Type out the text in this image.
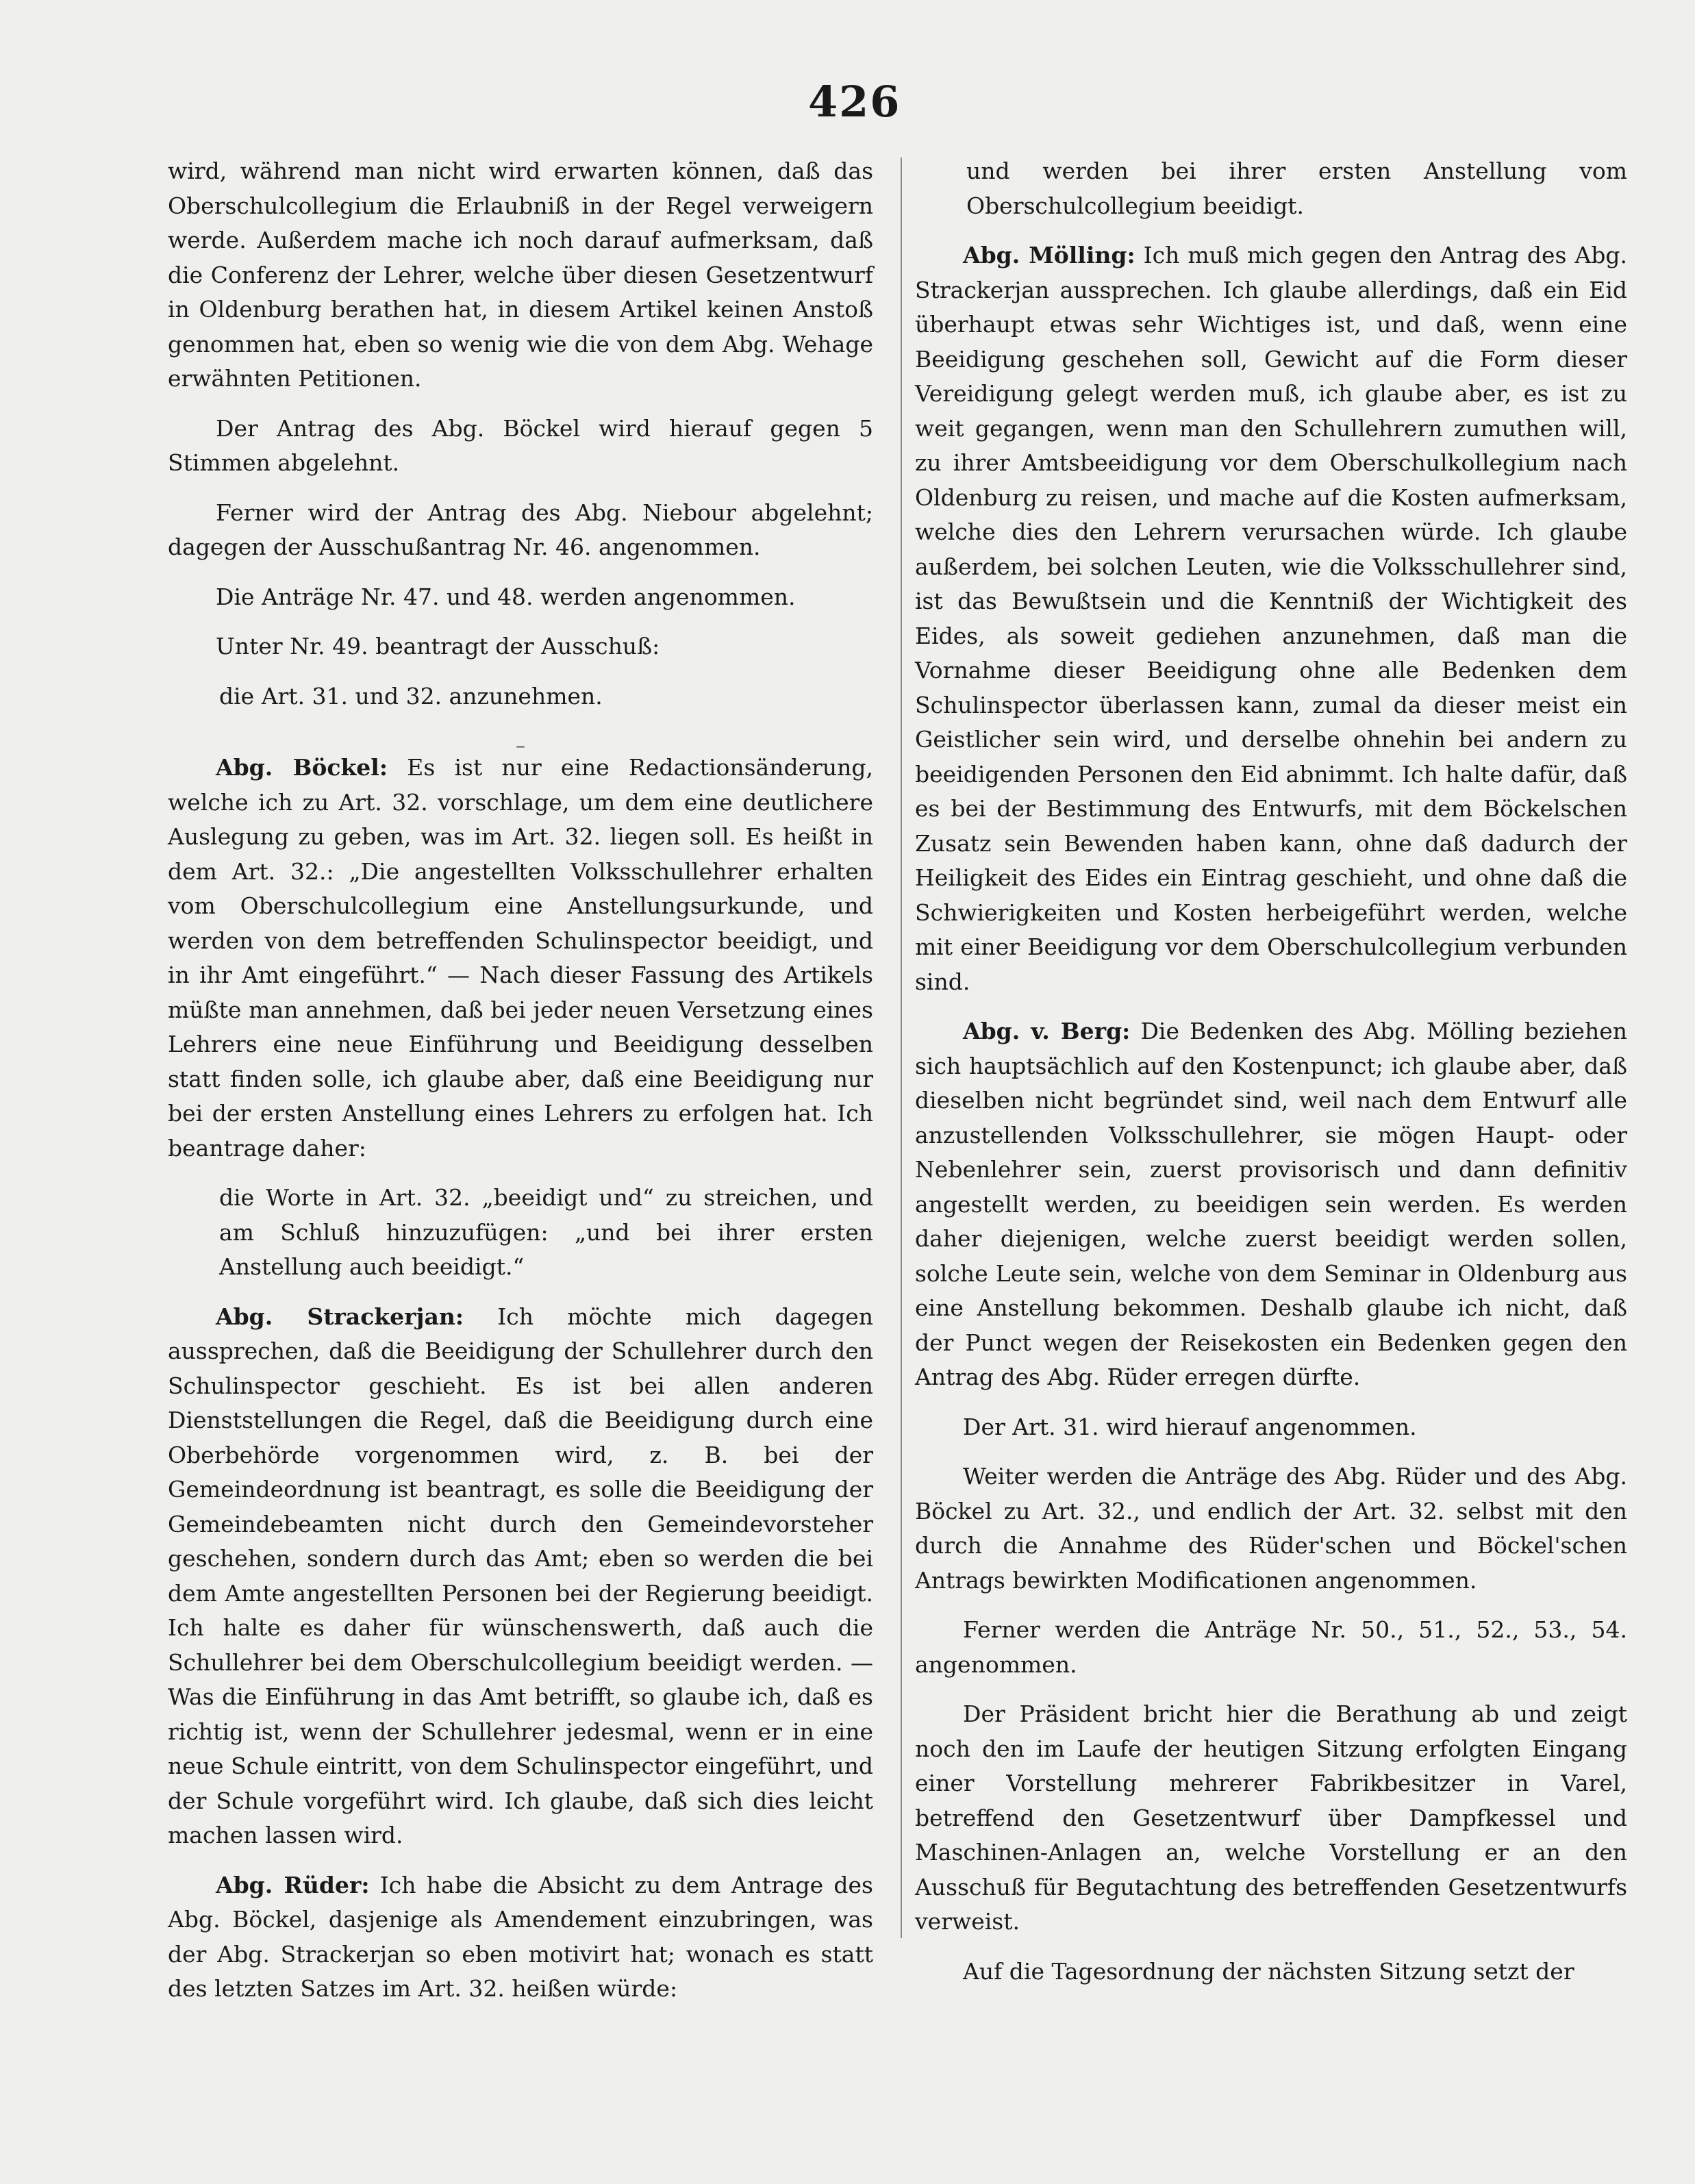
426

wird, während man nicht wird erwarten können, daß das Oberschulcollegium die Erlaubniß in der Regel verweigern werde. Außerdem mache ich noch darauf aufmerksam, daß die Conferenz der Lehrer, welche über diesen Gesetzentwurf in Oldenburg berathen hat, in diesem Artikel keinen Anstoß genommen hat, eben so wenig wie die von dem Abg. Wehage erwähnten Petitionen.

Der Antrag des Abg. Böckel wird hierauf gegen 5 Stimmen abgelehnt.

Ferner wird der Antrag des Abg. Niebour abgelehnt; dagegen der Ausschußantrag Nr. 46. angenommen.

Die Anträge Nr. 47. und 48. werden angenommen.

Unter Nr. 49. beantragt der Ausschuß:

die Art. 31. und 32. anzunehmen.

–

Abg. Böckel: Es ist nur eine Redactionsänderung, welche ich zu Art. 32. vorschlage, um dem eine deutlichere Auslegung zu geben, was im Art. 32. liegen soll. Es heißt in dem Art. 32.: „Die angestellten Volksschullehrer erhalten vom Oberschulcollegium eine Anstellungsurkunde, und werden von dem betreffenden Schulinspector beeidigt, und in ihr Amt eingeführt.“ — Nach dieser Fassung des Artikels müßte man annehmen, daß bei jeder neuen Versetzung eines Lehrers eine neue Einführung und Beeidigung desselben statt finden solle, ich glaube aber, daß eine Beeidigung nur bei der ersten Anstellung eines Lehrers zu erfolgen hat. Ich beantrage daher:

die Worte in Art. 32. „beeidigt und“ zu streichen, und am Schluß hinzuzufügen: „und bei ihrer ersten Anstellung auch beeidigt.“

Abg. Strackerjan: Ich möchte mich dagegen aussprechen, daß die Beeidigung der Schullehrer durch den Schulinspector geschieht. Es ist bei allen anderen Dienststellungen die Regel, daß die Beeidigung durch eine Oberbehörde vorgenommen wird, z. B. bei der Gemeindeordnung ist beantragt, es solle die Beeidigung der Gemeindebeamten nicht durch den Gemeindevorsteher geschehen, sondern durch das Amt; eben so werden die bei dem Amte angestellten Personen bei der Regierung beeidigt. Ich halte es daher für wünschenswerth, daß auch die Schullehrer bei dem Oberschulcollegium beeidigt werden. — Was die Einführung in das Amt betrifft, so glaube ich, daß es richtig ist, wenn der Schullehrer jedesmal, wenn er in eine neue Schule eintritt, von dem Schulinspector eingeführt, und der Schule vorgeführt wird. Ich glaube, daß sich dies leicht machen lassen wird.

Abg. Rüder: Ich habe die Absicht zu dem Antrage des Abg. Böckel, dasjenige als Amendement einzubringen, was der Abg. Strackerjan so eben motivirt hat; wonach es statt des letzten Satzes im Art. 32. heißen würde:

und werden bei ihrer ersten Anstellung vom Oberschulcollegium beeidigt.

Abg. Mölling: Ich muß mich gegen den Antrag des Abg. Strackerjan aussprechen. Ich glaube allerdings, daß ein Eid überhaupt etwas sehr Wichtiges ist, und daß, wenn eine Beeidigung geschehen soll, Gewicht auf die Form dieser Vereidigung gelegt werden muß, ich glaube aber, es ist zu weit gegangen, wenn man den Schullehrern zumuthen will, zu ihrer Amtsbeeidigung vor dem Oberschulkollegium nach Oldenburg zu reisen, und mache auf die Kosten aufmerksam, welche dies den Lehrern verursachen würde. Ich glaube außerdem, bei solchen Leuten, wie die Volksschullehrer sind, ist das Bewußtsein und die Kenntniß der Wichtigkeit des Eides, als soweit gediehen anzunehmen, daß man die Vornahme dieser Beeidigung ohne alle Bedenken dem Schulinspector überlassen kann, zumal da dieser meist ein Geistlicher sein wird, und derselbe ohnehin bei andern zu beeidigenden Personen den Eid abnimmt. Ich halte dafür, daß es bei der Bestimmung des Entwurfs, mit dem Böckelschen Zusatz sein Bewenden haben kann, ohne daß dadurch der Heiligkeit des Eides ein Eintrag geschieht, und ohne daß die Schwierigkeiten und Kosten herbeigeführt werden, welche mit einer Beeidigung vor dem Oberschulcollegium verbunden sind.

Abg. v. Berg: Die Bedenken des Abg. Mölling beziehen sich hauptsächlich auf den Kostenpunct; ich glaube aber, daß dieselben nicht begründet sind, weil nach dem Entwurf alle anzustellenden Volksschullehrer, sie mögen Haupt- oder Nebenlehrer sein, zuerst provisorisch und dann definitiv angestellt werden, zu beeidigen sein werden. Es werden daher diejenigen, welche zuerst beeidigt werden sollen, solche Leute sein, welche von dem Seminar in Oldenburg aus eine Anstellung bekommen. Deshalb glaube ich nicht, daß der Punct wegen der Reisekosten ein Bedenken gegen den Antrag des Abg. Rüder erregen dürfte.

Der Art. 31. wird hierauf angenommen.

Weiter werden die Anträge des Abg. Rüder und des Abg. Böckel zu Art. 32., und endlich der Art. 32. selbst mit den durch die Annahme des Rüder'schen und Böckel'schen Antrags bewirkten Modificationen angenommen.

Ferner werden die Anträge Nr. 50., 51., 52., 53., 54. angenommen.

Der Präsident bricht hier die Berathung ab und zeigt noch den im Laufe der heutigen Sitzung erfolgten Eingang einer Vorstellung mehrerer Fabrikbesitzer in Varel, betreffend den Gesetzentwurf über Dampfkessel und Maschinen-Anlagen an, welche Vorstellung er an den Ausschuß für Begutachtung des betreffenden Gesetzentwurfs verweist.

Auf die Tagesordnung der nächsten Sitzung setzt der
